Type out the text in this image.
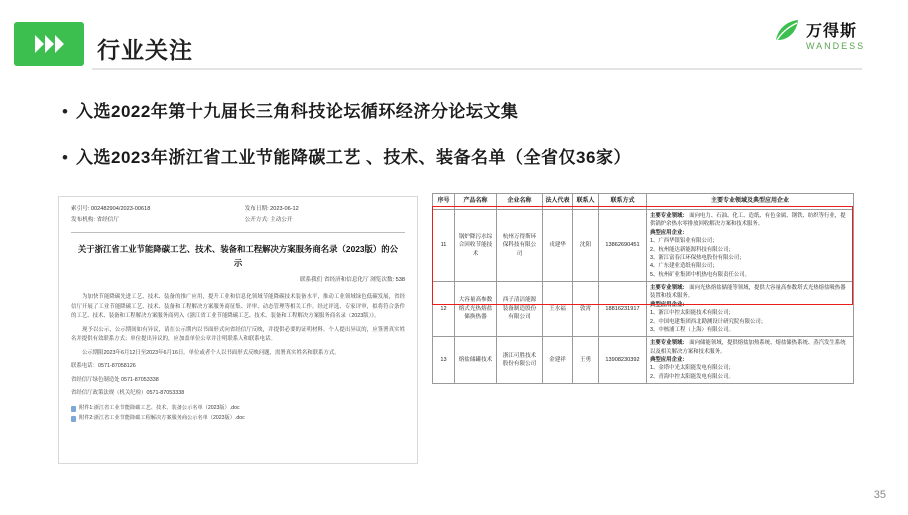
行业关注
万得斯
WANDESS
• 入选2022年第十九届长三角科技论坛循环经济分论坛文集
• 入选2023年浙江省工业节能降碳工艺 、技术、装备名单（全省仅36家）
索引号: 002482904/2023-00618
发布机构: 省经信厅
发布日期: 2023-06-12
公开方式: 主动公开
关于浙江省工业节能降碳工艺、技术、装备和工程解决方案服务商名录（2023版）的公示
联系我们 省经济和信息化厅 浏览次数: 538
为加快节能降碳先进工艺、技术、装备的推广应用，提升工业和信息化领域节能降碳技术装备水平，推动工业领域绿色低碳发展，省经信厅开展了工业节能降碳工艺、技术、装备和工程解决方案服务商征集、评审、动态管理等相关工作。经过评选、专家评审，拟将符合条件的工艺、技术、装备和工程解决方案服务商列入《浙江省工业节能降碳工艺、技术、装备和工程解决方案服务商名录（2023版）》。
现予以公示，公示期间如有异议，请在公示期内以书面形式向省经信厅反映，并提供必要的证明材料。个人提出异议的，应签署真实姓名并提供有效联系方式；单位提出异议的，应加盖单位公章并注明联系人和联系电话。
公示期限2023年6月12日至2023年6月16日。单位或者个人以书面形式反映问题，需署真实姓名和联系方式。
联系电话：0571-87058126
省经信厅绿色制造处 0571-87053338
省经信厅政策法规（机关纪检）0571-87053338
附件1:浙江省工业节能降碳工艺、技术、装备公示名单（2023版）.doc
附件2:浙江省工业节能降碳工程解决方案服务商公示名单（2023版）.doc
序号	产品名称	企业名称	法人代表	联系人	联系方式	主要专业领域及典型应用企业
11	锅炉降污水综合回收节能技术	杭州万得斯环保科技有限公司	戎建华	沈阳	13862690451	主要专业领域： 面向电力、石油、化工、造纸、有色金属、钢铁、纺织等行业，提供锅炉余热水零排放回收解决方案和技术服务。
典型应用企业：
1、广西华银铝业有限公司；
2、杭州能达新能源科技有限公司；
3、浙江富春江环保热电股份有限公司；
4、广东建业造纸有限公司；
5、杭州矿业集团中机热电有限责任公司。
12	大容量高参数熔式光热熔盐储换热器	西子清洁能源装备制造股份有限公司	王水福	敦霄	18816231917	主要专业领域： 面向光热熔盐储能等领域，提供大容量高参数塔式光热熔盐吸热器装置和技术服务。
典型应用企业：
1、浙江中控太阳能技术有限公司；
2、中国电建集团西北勘测设计研究院有限公司；
3、中核浦工程（上海）有限公司。
13	熔盐储罐技术	浙江可胜技术股份有限公司	金建祥	王勇	13908230392	主要专业领域： 面向储能领域，提供熔盐加热系统、熔盐储热系统、蒸汽发生系统以及相关解决方案和技术服务。
典型应用企业：
1、金塔中光太阳能发电有限公司；
2、青海中控太阳能发电有限公司。
35
